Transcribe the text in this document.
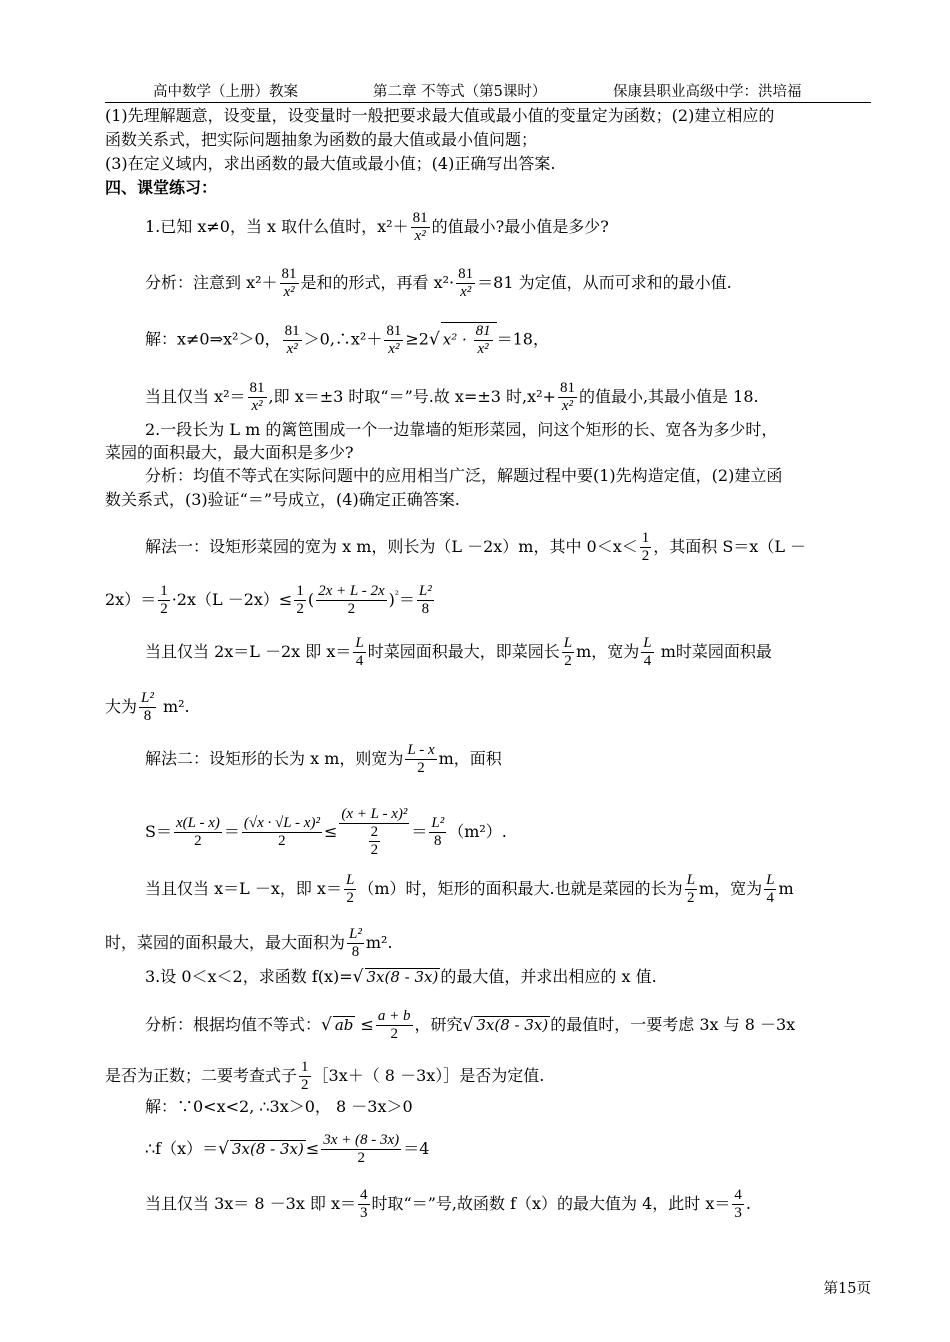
高中数学（上册）教案	第二章 不等式（第5课时）	保康县职业高级中学：洪培福
(1)先理解题意，设变量，设变量时一般把要求最大值或最小值的变量定为函数；(2)建立相应的
函数关系式，把实际问题抽象为函数的最大值或最小值问题；
(3)在定义域内，求出函数的最大值或最小值；(4)正确写出答案.
四、课堂练习：
1.已知 x≠0，当 x 取什么值时，$x^2+ \frac{81}{\text{x²}}$ 的值最小?最小值是多少?
分析：注意到 $x^2+ \frac{81}{\text{x²}}$ 是和的形式，再看 $x^2\cdot \frac{81}{\text{x²}} =81$ 为定值，从而可求和的最小值.
解：x≠0⇒x²＞0， $\frac{81}{\text{x²}}$ ＞0,∴x²＋ $\frac{81}{\text{x²}} \ge 2√$ $x^2 \cdot \frac{81}{\text{x²}} =18$，
当且仅当 $x^2= \frac{81}{\text{x²}}$ ,即 x＝±3 时取“＝”号.故 x=±3 时$,x^2+ \frac{81}{\text{x²}}$ 的值最小,其最小值是 18.
2.一段长为 L m 的篱笆围成一个一边靠墙的矩形菜园，问这个矩形的长、宽各为多少时，
菜园的面积最大，最大面积是多少?
分析：均值不等式在实际问题中的应用相当广泛，解题过程中要(1)先构造定值，(2)建立函
数关系式，(3)验证“＝”号成立，(4)确定正确答案.
解法一：设矩形菜园的宽为 x m，则长为（L －2x）m，其中 $0<x< \frac{1}{2}$ ，其面积 S＝x（L －
$2x)= \frac{1}{2} \cdot 2x(L -2x)\le \frac{1}{2}$ ( $\frac{2x + L - 2x}{2} )^{^2}= \frac{\text{L²}}{8}$
当且仅当 2x＝L －2x 即 $x= \frac{L}{4}$ 时菜园面积最大，即菜园长 $\frac{L}{2}$ m，宽为 $\frac{L}{4}$ m时菜园面积最
大为 $\frac{\text{L²}}{8} m^2$.
解法二：设矩形的长为 x m，则宽为 $\frac{L - x}{2}$ m，面积
$S= \frac{x(L - x)}{2} = \frac{\text{(√x · √L - x)²}}{2}$ ≤
(x + L - x)²
2
2
＝ $\frac{\text{L²}}{8} (m^2)$.
当且仅当 x＝L －x，即 $x= \frac{L}{2} (m)$时，矩形的面积最大.也就是菜园的长为 $\frac{L}{2}$ m，宽为 $\frac{L}{4}$ m
时，菜园的面积最大，最大面积为 $\frac{\text{L²}}{8} m^2$.
3.设 0＜x＜2，求函数 f(x)=√ 3x(8 - 3x) 的最大值，并求出相应的 x 值.
分析：根据均值不等式：√ ab ≤ $\frac{a + b}{2}$ ，研究√ 3x(8 - 3x) 的最值时，一要考虑 3x 与 8 －3x
是否为正数；二要考查式子 $\frac{1}{2}$ ［3x＋（ 8 －3x）］是否为定值.
解：∵0<x<2, ∴3x＞0， 8 －3x＞0
∴f（x）＝√ $3x(8 - 3x) \le \frac{3x + (8 - 3x)}{2} =4$
当且仅当 3x＝ 8 －3x 即 $x= \frac{4}{3}$ 时取“＝”号,故函数 f（x）的最大值为 4，此时 $x= \frac{4}{3}$ .
第15页
